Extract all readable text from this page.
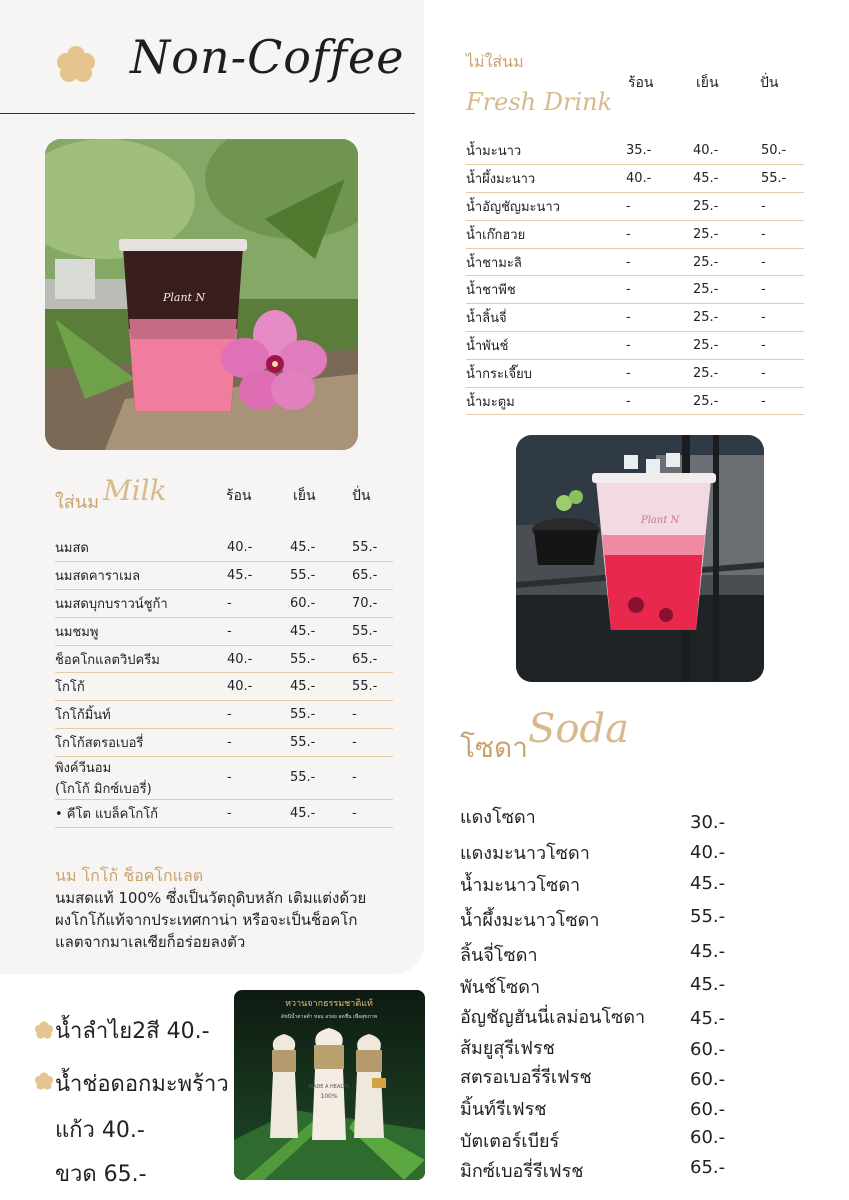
Non-Coffee
Plant N
ใส่นม Milk	ร้อน	เย็น	ปั่น
นมสด	40.-	45.-	55.-
นมสดคาราเมล	45.-	55.-	65.-
นมสดบุกบราวน์ชูก้า	-	60.-	70.-
นมชมพู	-	45.-	55.-
ช็อคโกแลตวิปครีม	40.-	55.-	65.-
โกโก้	40.-	45.-	55.-
โกโก้มิ้นท์	-	55.-	-
โกโก้สตรอเบอรี่	-	55.-	-
พิงค์วีนอม
(โกโก้ มิกซ์เบอรี่)	-	55.-	-
• คีโต แบล็คโกโก้	-	45.-	-
นม โกโก้ ช็อคโกแลต
นมสดแท้ 100% ซึ่งเป็นวัตถุดิบหลัก เติมแต่งด้วยผงโกโก้แท้จากประเทศกาน่า หรือจะเป็นช็อคโกแลตจากมาเลเซียก็อร่อยลงตัว
ไม่ใส่นม
Fresh Drink
ร้อน	เย็น	ปั่น
น้ำมะนาว	35.-	40.-	50.-
น้ำผึ้งมะนาว	40.-	45.-	55.-
น้ำอัญชัญมะนาว	-	25.-	-
น้ำเก๊กฮวย	-	25.-	-
น้ำชามะลิ	-	25.-	-
น้ำชาพีช	-	25.-	-
น้ำลิ้นจี่	-	25.-	-
น้ำพันช์	-	25.-	-
น้ำกระเจี๊ยบ	-	25.-	-
น้ำมะตูม	-	25.-	-
Plant N
โซดา Soda
แดงโซดา	30.-
แดงมะนาวโซดา	40.-
น้ำมะนาวโซดา	45.-
น้ำผึ้งมะนาวโซดา	55.-
ลิ้นจี่โซดา	45.-
พันช์โซดา	45.-
อัญชัญฮันนี่เลม่อนโซดา 45.-
ส้มยูสุรีเฟรช	60.-
สตรอเบอรี่รีเฟรช	60.-
มิ้นท์รีเฟรช	60.-
บัตเตอร์เบียร์	60.-
มิกซ์เบอรี่รีเฟรช	65.-
น้ำลำไย2สี 40.-
น้ำช่อดอกมะพร้าว
แก้ว 40.-
ขวด 65.-
หวานจากธรรมชาติแท้
ดัชนีน้ำตาลต่ำ หอม อร่อย สดชื่น เพื่อสุขภาพ
MADE A HEALTH
100%
